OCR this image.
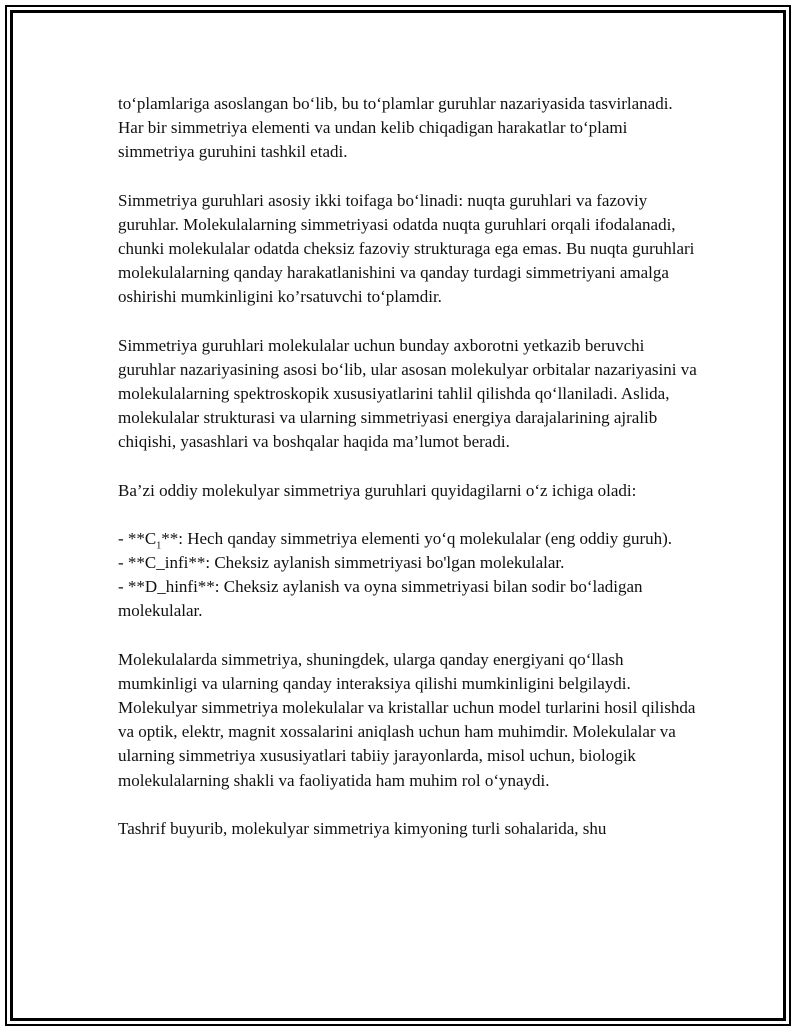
to‘plamlariga asoslangan bo‘lib, bu to‘plamlar guruhlar nazariyasida tasvirlanadi. Har bir simmetriya elementi va undan kelib chiqadigan harakatlar to‘plami simmetriya guruhini tashkil etadi.

Simmetriya guruhlari asosiy ikki toifaga bo‘linadi: nuqta guruhlari va fazoviy guruhlar. Molekulalarning simmetriyasi odatda nuqta guruhlari orqali ifodalanadi, chunki molekulalar odatda cheksiz fazoviy strukturaga ega emas. Bu nuqta guruhlari molekulalarning qanday harakatlanishini va qanday turdagi simmetriyani amalga oshirishi mumkinligini ko’rsatuvchi to‘plamdir.

Simmetriya guruhlari molekulalar uchun bunday axborotni yetkazib beruvchi guruhlar nazariyasining asosi bo‘lib, ular asosan molekulyar orbitalar nazariyasini va molekulalarning spektroskopik xususiyatlarini tahlil qilishda qo‘llaniladi. Aslida, molekulalar strukturasi va ularning simmetriyasi energiya darajalarining ajralib chiqishi, yasashlari va boshqalar haqida ma’lumot beradi.

Ba’zi oddiy molekulyar simmetriya guruhlari quyidagilarni o‘z ichiga oladi:

- $**C_1**$: Hech qanday simmetriya elementi yo‘q molekulalar (eng oddiy guruh).
- **C_infi**: Cheksiz aylanish simmetriyasi bo'lgan molekulalar.
- **D_hinfi**: Cheksiz aylanish va oyna simmetriyasi bilan sodir bo‘ladigan molekulalar.

Molekulalarda simmetriya, shuningdek, ularga qanday energiyani qo‘llash mumkinligi va ularning qanday interaksiya qilishi mumkinligini belgilaydi. Molekulyar simmetriya molekulalar va kristallar uchun model turlarini hosil qilishda va optik, elektr, magnit xossalarini aniqlash uchun ham muhimdir. Molekulalar va ularning simmetriya xususiyatlari tabiiy jarayonlarda, misol uchun, biologik molekulalarning shakli va faoliyatida ham muhim rol o‘ynaydi.

Tashrif buyurib, molekulyar simmetriya kimyoning turli sohalarida, shu
